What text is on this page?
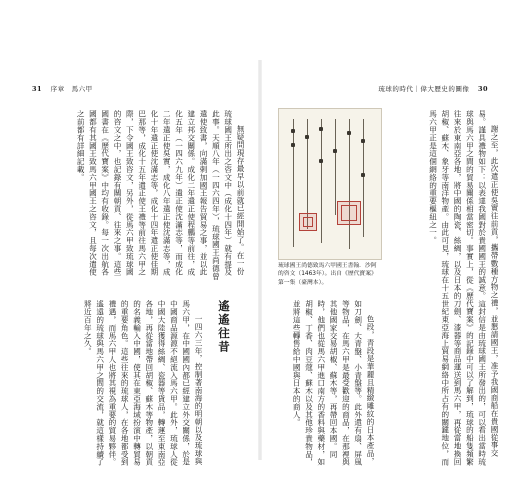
31 序章　馬六甲

無疑問現存最早以前就已經開始了。在一份琉球國王所出之咨文中（成化十四年）就有提及此事。天順八年（一四六四年），琉球國王尚德曾遣使致書，向滿剌加國王報告貿易之事，並以此建立邦交關係。成化二年遣正使程鵬等前往，成化五年（一四六九年）遣正使沈滿志等，而成化二年遣正使吳實，成化八年遣正使沈滿志等，成化十年遣正使沈滿志等，成化十四年遣正使佳期巴那等，成化十五年遣正使王禮等前往馬六甲之際，下令國王致咨文，另外，從馬六甲致琉球國的咨文之中，也記錄有關朝貢、往來之事。這些國書在《歷代寶案》中均有收錄。每一次出航各國都有其國王致馬六甲國王之咨文，且每次遣使之前都有詳細記載。

遙遙往昔

一四六三年，控制著南海的明朝以及琉球與馬六甲，在中國國內都已經建立外交關係，於是中國商品源源不絕流入馬六甲。此外，琉球人從中國大陸獲得絲綢、瓷器等貨品，轉運至東南亞各地，再從當地帶回胡椒、蘇木等物產，以朝貢的名義輸入中國，使其在東亞海域扮演中轉貿易的重要角色。這些往來的琉球人，在各地都受到禮遇，而馬六甲人也將其視為重要的貿易夥伴。遙遠的琉球與馬六甲之間的交流，就這樣持續了將近百年之久。

琉球的時代｜偉大歷史的圖像 30
琉球國王尚德致馬六甲國王書翰．沙阿的咨文（1463年）。出自《歷代寶案》第一集（臺灣本）。

色段，青段是華麗且精緻雕紋的日本產品，如刀劍、大青盤、小青盤等。此外還有扇、屏風等物品，在馬六甲是最受歡迎的商品，在那裡與其他國家交易胡椒、蘇木等，再帶回本國。同時，他們也從馬六甲進口南方的香料與藥材，如胡椒、丁香、肉豆蔻、蘇木以及其他珍貴物品，並將這些轉售給中國與日本的商人。	謝之至，此次遣正使吳實往前貢，攜帶數種方物之禮，並懇請國王，准予我國商船在貴國從事交易。謹具禮物如下：以表達我國對於貴國國王的誠意。這封信是由琉球國王所發出的，可以看出當時琉球與馬六甲之間的貿易關係相當密切。事實上，從《歷代寶案》的記錄中可以了解到，琉球的船隻頻繁往來於東南亞各地，將中國的陶瓷、絲綢，以及日本的刀劍、漆器等商品運送到馬六甲，再從當地換回胡椒、蘇木、象牙等南洋物產。由此可見，琉球在十五世紀東亞海上貿易網絡中所占有的關鍵地位，而馬六甲正是這個網絡的重要樞紐之一。
